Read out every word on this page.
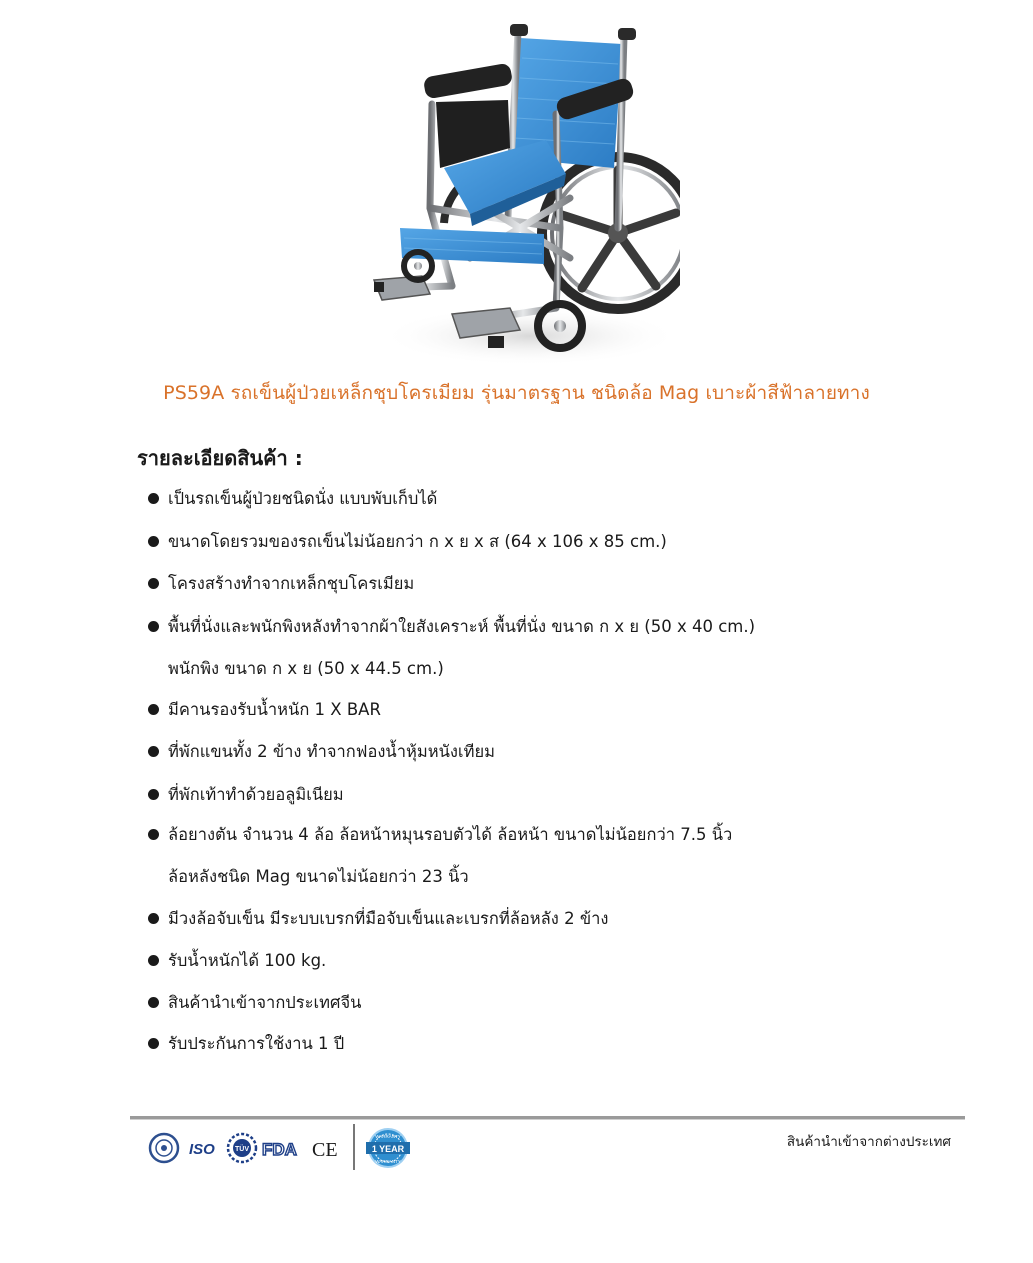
PS59A รถเข็นผู้ป่วยเหล็กชุบโครเมียม รุ่นมาตรฐาน ชนิดล้อ Mag เบาะผ้าสีฟ้าลายทาง
รายละเอียดสินค้า :
เป็นรถเข็นผู้ป่วยชนิดนั่ง แบบพับเก็บได้
ขนาดโดยรวมของรถเข็นไม่น้อยกว่า ก x ย x ส (64 x 106 x 85 cm.)
โครงสร้างทำจากเหล็กชุบโครเมียม
พื้นที่นั่งและพนักพิงหลังทำจากผ้าใยสังเคราะห์ พื้นที่นั่ง ขนาด ก x ย (50 x 40 cm.)
พนักพิง ขนาด ก x ย (50 x 44.5 cm.)
มีคานรองรับน้ำหนัก 1 X BAR
ที่พักแขนทั้ง 2 ข้าง ทำจากฟองน้ำหุ้มหนังเทียม
ที่พักเท้าทำด้วยอลูมิเนียม
ล้อยางตัน จำนวน 4 ล้อ ล้อหน้าหมุนรอบตัวได้ ล้อหน้า ขนาดไม่น้อยกว่า 7.5 นิ้ว
ล้อหลังชนิด Mag ขนาดไม่น้อยกว่า 23 นิ้ว
มีวงล้อจับเข็น มีระบบเบรกที่มือจับเข็นและเบรกที่ล้อหลัง 2 ข้าง
รับน้ำหนักได้ 100 kg.
สินค้านำเข้าจากประเทศจีน
รับประกันการใช้งาน 1 ปี
ISO	TÜV FDA CE	1 YEAR
WARRANTY
WARRANTY
สินค้านำเข้าจากต่างประเทศ
